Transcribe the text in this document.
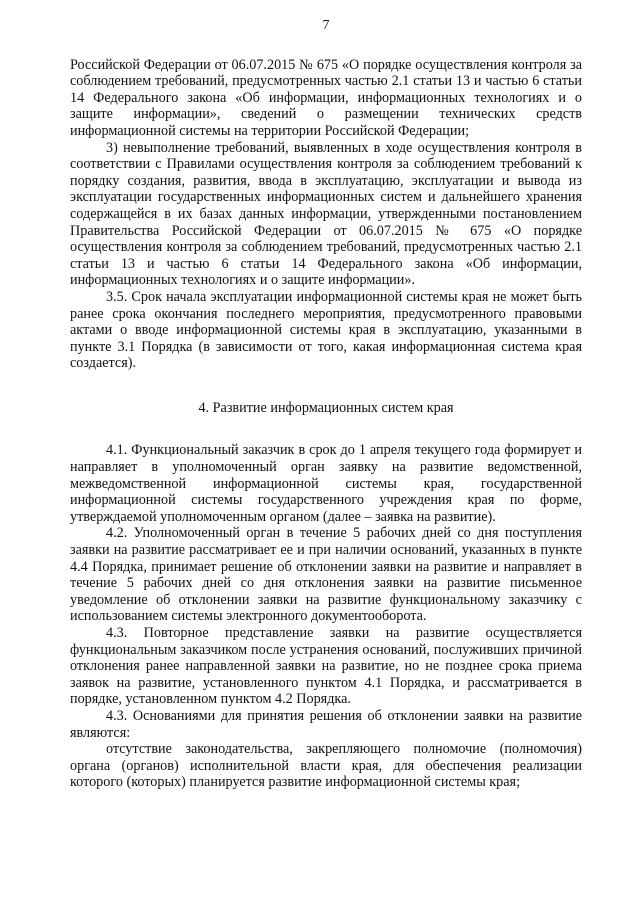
7

Российской Федерации от 06.07.2015 № 675 «О порядке осуществления контроля за соблюдением требований, предусмотренных частью 2.1 статьи 13 и частью 6 статьи 14 Федерального закона «Об информации, информационных технологиях и о защите информации», сведений о размещении технических средств информационной системы на территории Российской Федерации;

3) невыполнение требований, выявленных в ходе осуществления контроля в соответствии с Правилами осуществления контроля за соблюдением требований к порядку создания, развития, ввода в эксплуатацию, эксплуатации и вывода из эксплуатации государственных информационных систем и дальнейшего хранения содержащейся в их базах данных информации, утвержденными постановлением Правительства Российской Федерации от 06.07.2015 № 675 «О порядке осуществления контроля за соблюдением требований, предусмотренных частью 2.1 статьи 13 и частью 6 статьи 14 Федерального закона «Об информации, информационных технологиях и о защите информации».

3.5. Срок начала эксплуатации информационной системы края не может быть ранее срока окончания последнего мероприятия, предусмотренного правовыми актами о вводе информационной системы края в эксплуатацию, указанными в пункте 3.1 Порядка (в зависимости от того, какая информационная система края создается).

4. Развитие информационных систем края

4.1. Функциональный заказчик в срок до 1 апреля текущего года формирует и направляет в уполномоченный орган заявку на развитие ведомственной, межведомственной информационной системы края, государственной информационной системы государственного учреждения края по форме, утверждаемой уполномоченным органом (далее – заявка на развитие).

4.2. Уполномоченный орган в течение 5 рабочих дней со дня поступления заявки на развитие рассматривает ее и при наличии оснований, указанных в пункте 4.4 Порядка, принимает решение об отклонении заявки на развитие и направляет в течение 5 рабочих дней со дня отклонения заявки на развитие письменное уведомление об отклонении заявки на развитие функциональному заказчику с использованием системы электронного документооборота.

4.3. Повторное представление заявки на развитие осуществляется функциональным заказчиком после устранения оснований, послуживших причиной отклонения ранее направленной заявки на развитие, но не позднее срока приема заявок на развитие, установленного пунктом 4.1 Порядка, и рассматривается в порядке, установленном пунктом 4.2 Порядка.

4.3. Основаниями для принятия решения об отклонении заявки на развитие являются:

отсутствие законодательства, закрепляющего полномочие (полномочия) органа (органов) исполнительной власти края, для обеспечения реализации которого (которых) планируется развитие информационной системы края;
